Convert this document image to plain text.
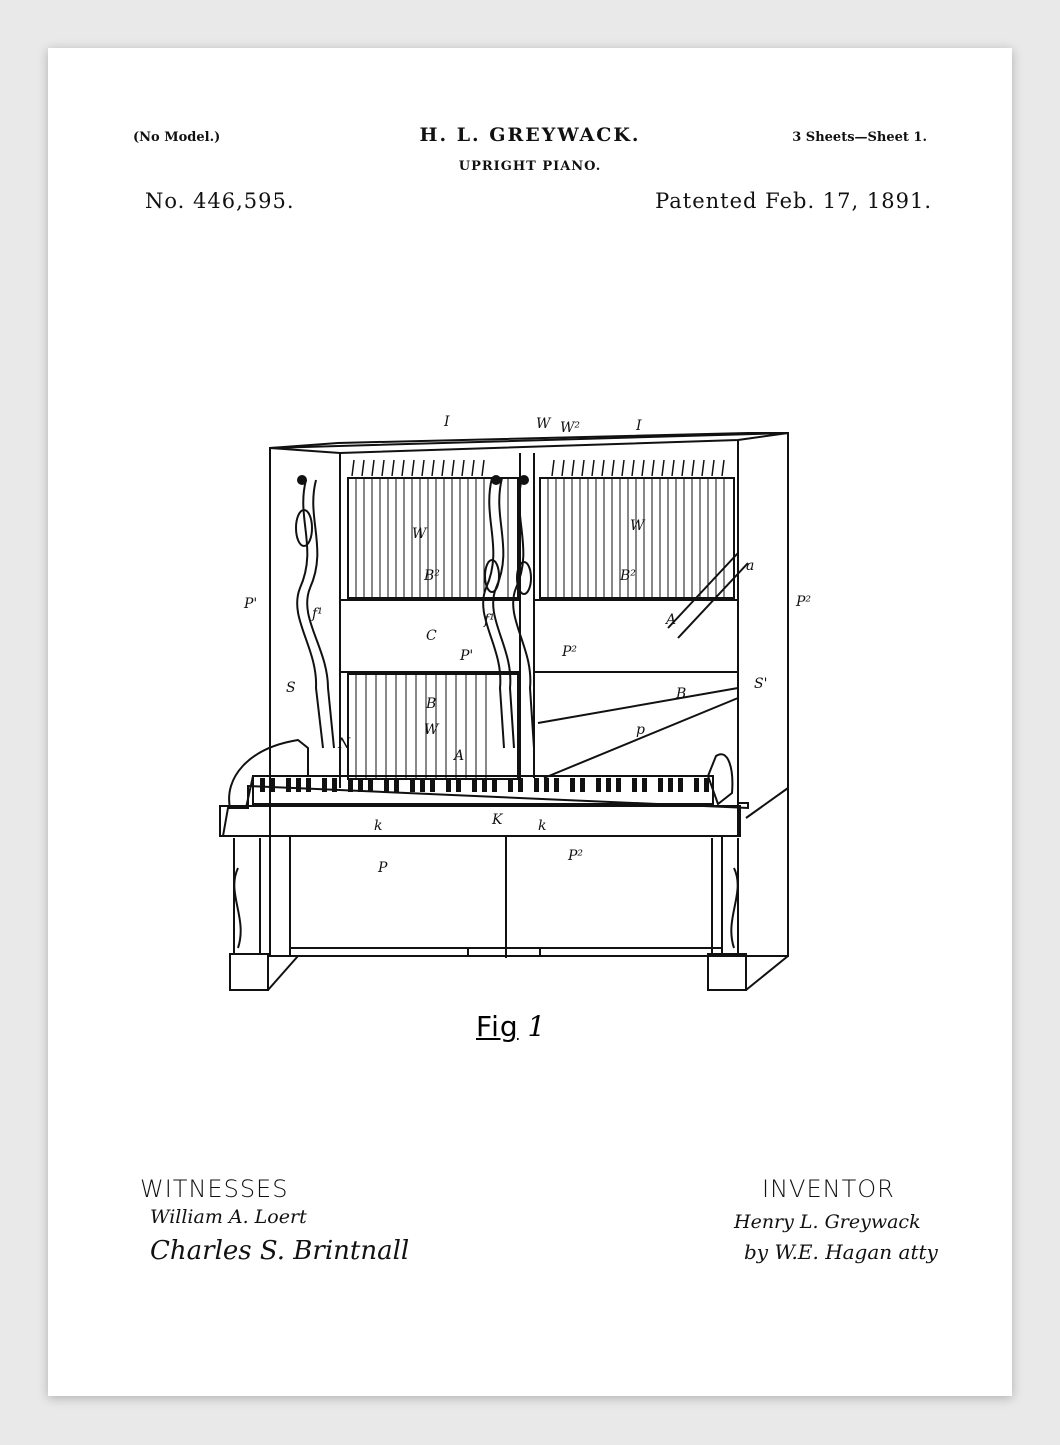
(No Model.)	H. L. GREYWACK.
UPRIGHT PIANO.
3 Sheets—Sheet 1.
No. 446,595.	Patented Feb. 17, 1891.
I	W W²	I
W
B²
f¹
P'
C
P'
f¹
P²
W
B²
a
A
P²
S	S'
B
W
N
A
B
p
k	K	k
P
P²
Fig 1
WITNESSES
William A. Loert
Charles S. Brintnall
INVENTOR
Henry L. Greywack
by W.E. Hagan atty
